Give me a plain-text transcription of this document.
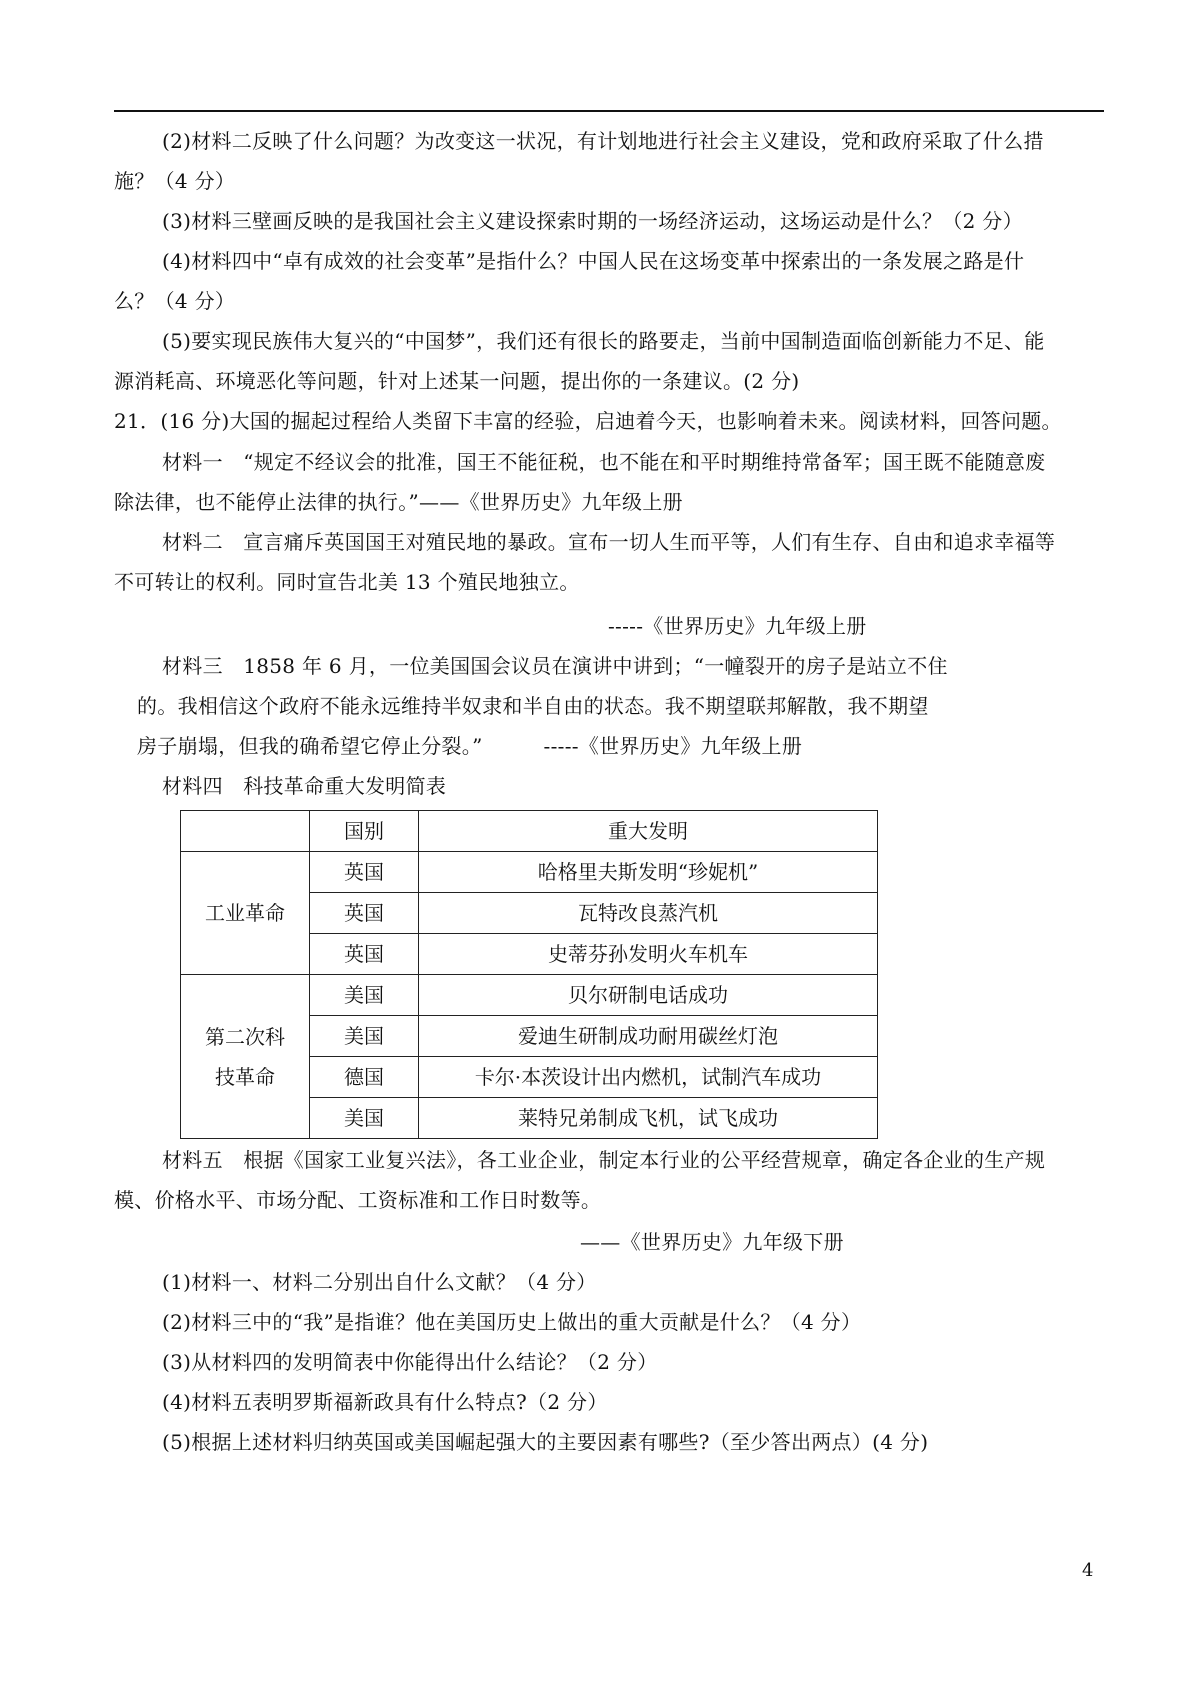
(2)材料二反映了什么问题？为改变这一状况，有计划地进行社会主义建设，党和政府采取了什么措
施？（4 分）
(3)材料三壁画反映的是我国社会主义建设探索时期的一场经济运动，这场运动是什么？（2 分）
(4)材料四中“卓有成效的社会变革”是指什么？中国人民在这场变革中探索出的一条发展之路是什
么？（4 分）
(5)要实现民族伟大复兴的“中国梦”，我们还有很长的路要走，当前中国制造面临创新能力不足、能
源消耗高、环境恶化等问题，针对上述某一问题，提出你的一条建议。(2 分)
21．(16 分)大国的掘起过程给人类留下丰富的经验，启迪着今天，也影响着未来。阅读材料，回答问题。
材料一　“规定不经议会的批准，国王不能征税，也不能在和平时期维持常备军；国王既不能随意废
除法律，也不能停止法律的执行。”——《世界历史》九年级上册
材料二　宣言痛斥英国国王对殖民地的暴政。宣布一切人生而平等，人们有生存、自由和追求幸福等
不可转让的权利。同时宣告北美 13 个殖民地独立。
-----《世界历史》九年级上册
材料三　1858 年 6 月，一位美国国会议员在演讲中讲到；“一幢裂开的房子是站立不住
的。我相信这个政府不能永远维持半奴隶和半自由的状态。我不期望联邦解散，我不期望
房子崩塌，但我的确希望它停止分裂。”　　　-----《世界历史》九年级上册
材料四　科技革命重大发明简表
	国别	重大发明
工业革命	英国	哈格里夫斯发明“珍妮机”
	英国	瓦特改良蒸汽机
	英国	史蒂芬孙发明火车机车

第二次科
技革命	美国	贝尔研制电话成功
	美国	爱迪生研制成功耐用碳丝灯泡
	德国	卡尔·本茨设计出内燃机，试制汽车成功
	美国	莱特兄弟制成飞机，试飞成功
材料五　根据《国家工业复兴法》，各工业企业，制定本行业的公平经营规章，确定各企业的生产规
模、价格水平、市场分配、工资标准和工作日时数等。
——《世界历史》九年级下册
(1)材料一、材料二分别出自什么文献？（4 分）
(2)材料三中的“我”是指谁？他在美国历史上做出的重大贡献是什么？（4 分）
(3)从材料四的发明简表中你能得出什么结论？（2 分）
(4)材料五表明罗斯福新政具有什么特点?（2 分）
(5)根据上述材料归纳英国或美国崛起强大的主要因素有哪些?（至少答出两点）(4 分)
4
